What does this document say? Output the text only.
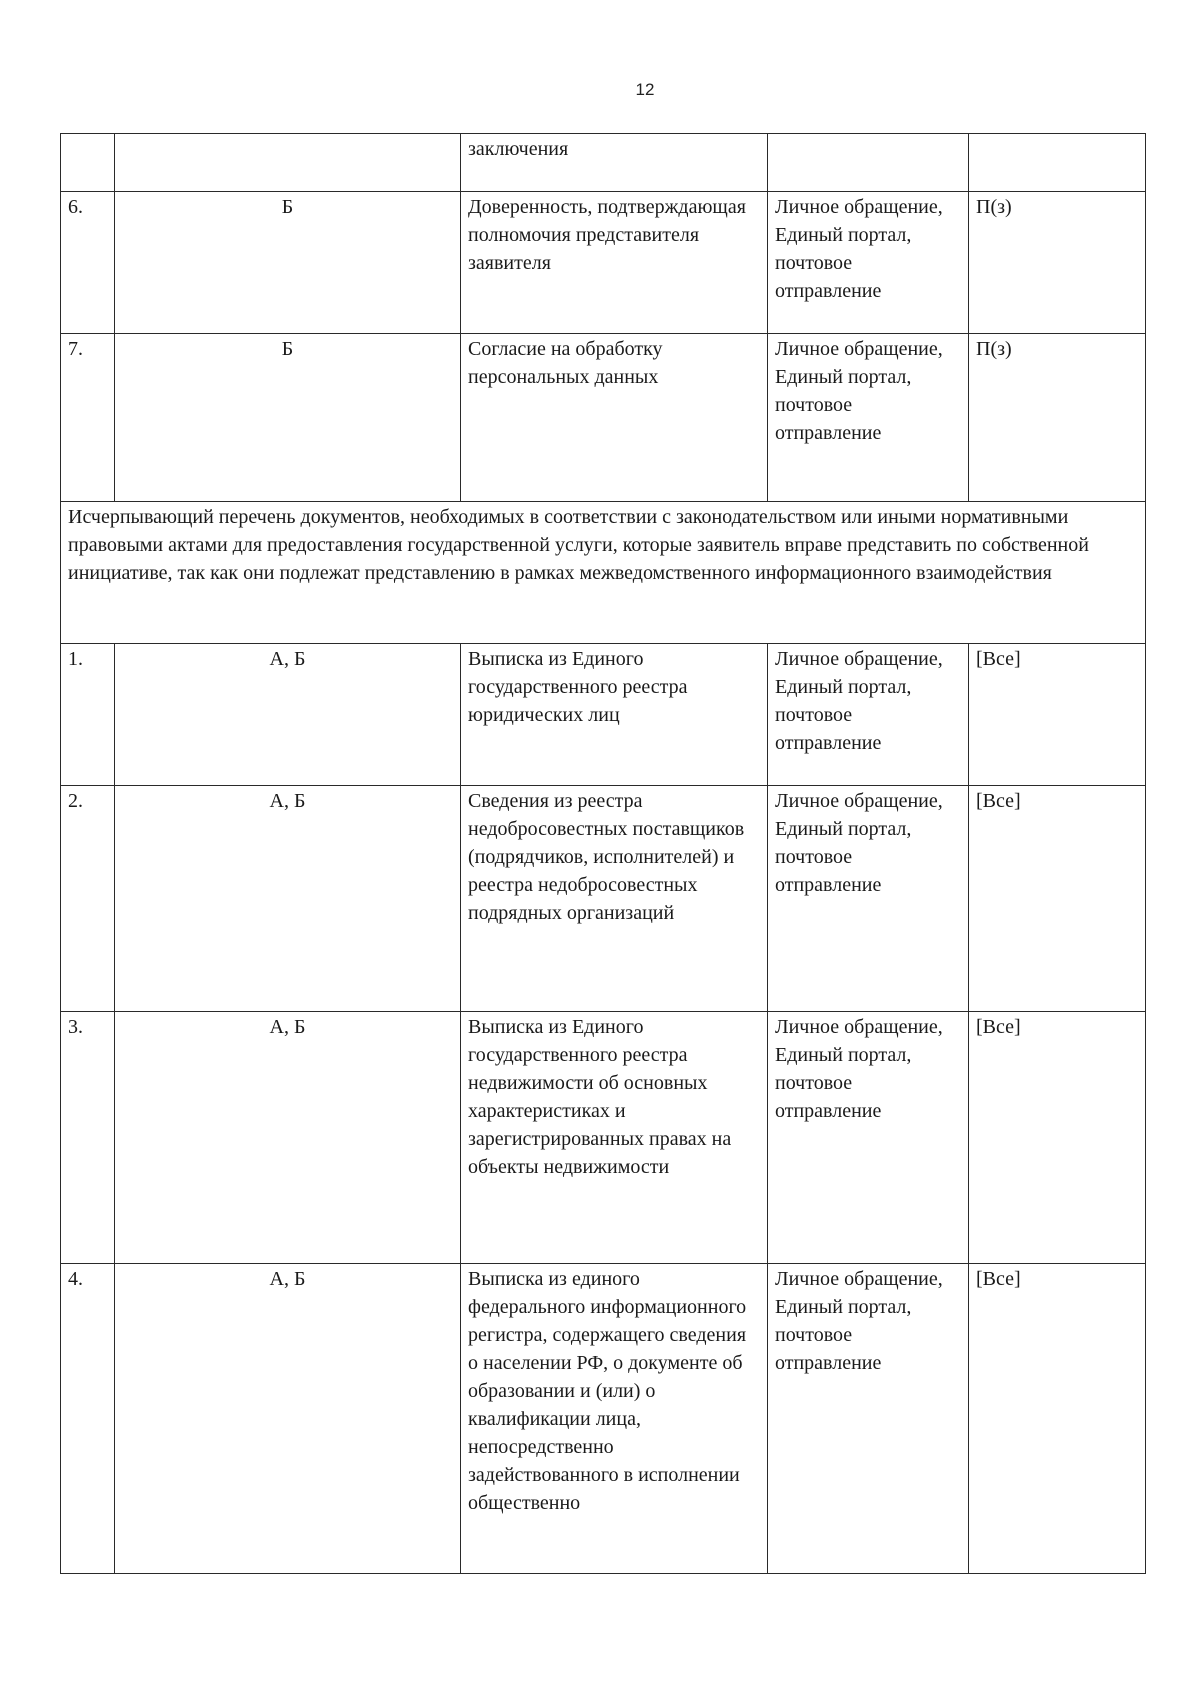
12
		заключения		
6.	Б	Доверенность, подтверждающая полномочия представителя заявителя	Личное обращение, Единый портал, почтовое отправление	П(з)
7.	Б	Согласие на обработку персональных данных	Личное обращение, Единый портал, почтовое отправление	П(з)
Исчерпывающий перечень документов, необходимых в соответствии с законодательством или иными нормативными правовыми актами для предоставления государственной услуги, которые заявитель вправе представить по собственной инициативе, так как они подлежат представлению в рамках межведомственного информационного взаимодействия				
1.	А, Б	Выписка из Единого государственного реестра юридических лиц	Личное обращение, Единый портал, почтовое отправление	[Все]
2.	А, Б	Сведения из реестра недобросовестных поставщиков (подрядчиков, исполнителей) и реестра недобросовестных подрядных организаций	Личное обращение, Единый портал, почтовое отправление	[Все]
3.	А, Б	Выписка из Единого государственного реестра недвижимости об основных характеристиках и зарегистрированных правах на объекты недвижимости	Личное обращение, Единый портал, почтовое отправление	[Все]
4.	А, Б	Выписка из единого федерального информационного регистра, содержащего сведения о населении РФ, о документе об образовании и (или) о квалификации лица, непосредственно задействованного в исполнении общественно	Личное обращение, Единый портал, почтовое отправление	[Все]
